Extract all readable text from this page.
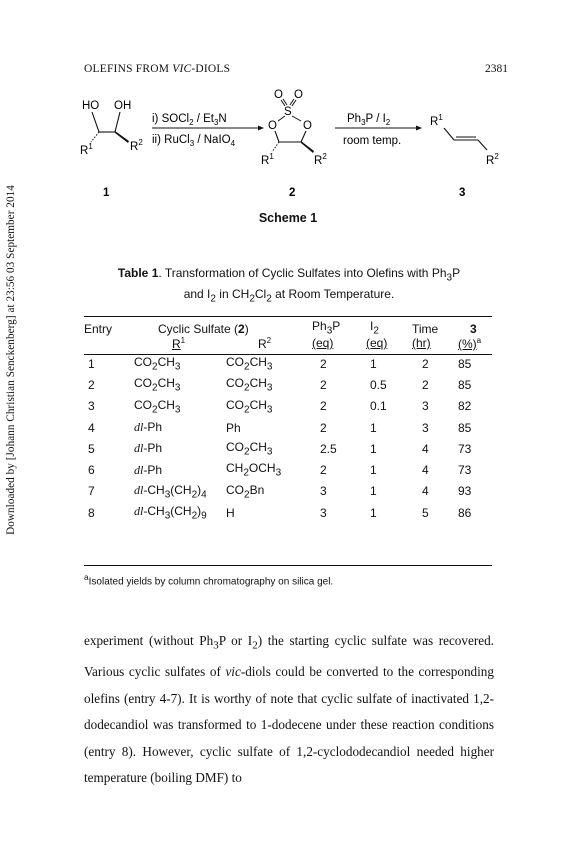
Downloaded by [Johann Christian Senckenberg] at 23:56 03 September 2014
OLEFINS FROM VIC-DIOLS	2381
HO OH
$R^1$	$R^2$
1
i) SOCl$_2$ / $Et_3N$
ii) RuCl$_3$ / NaIO$_4$
O O
S
O O
$R^1$	$R^2$
2
$Ph_3P / I_2$
room temp.
$R^1$
$R^2$
3
Scheme 1
Table 1. Transformation of Cyclic Sulfates into Olefins with $Ph_3P$
and $I_2$ in $CH_2Cl_2$ at Room Temperature.
Entry	Cyclic Sulfate (2)		$Ph_3P$	$I_2$	Time	3
	$R^1$	$R^2$	(eq)	(eq)	(hr)	(%)$^a$
1	$CO_2CH_3$	$CO_2CH_3$	2	1	2	85
2	$CO_2CH_3$	$CO_2CH_3$	2	0.5	2	85
3	$CO_2CH_3$	$CO_2CH_3$	2	0.1	3	82
4	dl-Ph	Ph	2	1	3	85
5	dl-Ph	$CO_2CH_3$	2.5	1	4	73
6	dl-Ph	$CH_2OCH_3$	2	1	4	73
7	$dl-CH_3(CH_2)_4$	$CO_2Bn$	3	1	4	93
8	$dl-CH_3(CH_2)_9$	H	3	1	5	86
$^a$Isolated yields by column chromatography on silica gel.

experiment (without $Ph_3P$ or $I_2$) the starting cyclic sulfate was recovered. Various cyclic sulfates of vic-diols could be converted to the corresponding olefins (entry 4-7). It is worthy of note that cyclic sulfate of inactivated 1,2-dodecandiol was transformed to 1-dodecene under these reaction conditions (entry 8). However, cyclic sulfate of 1,2-cyclododecandiol needed higher temperature (boiling DMF) to
